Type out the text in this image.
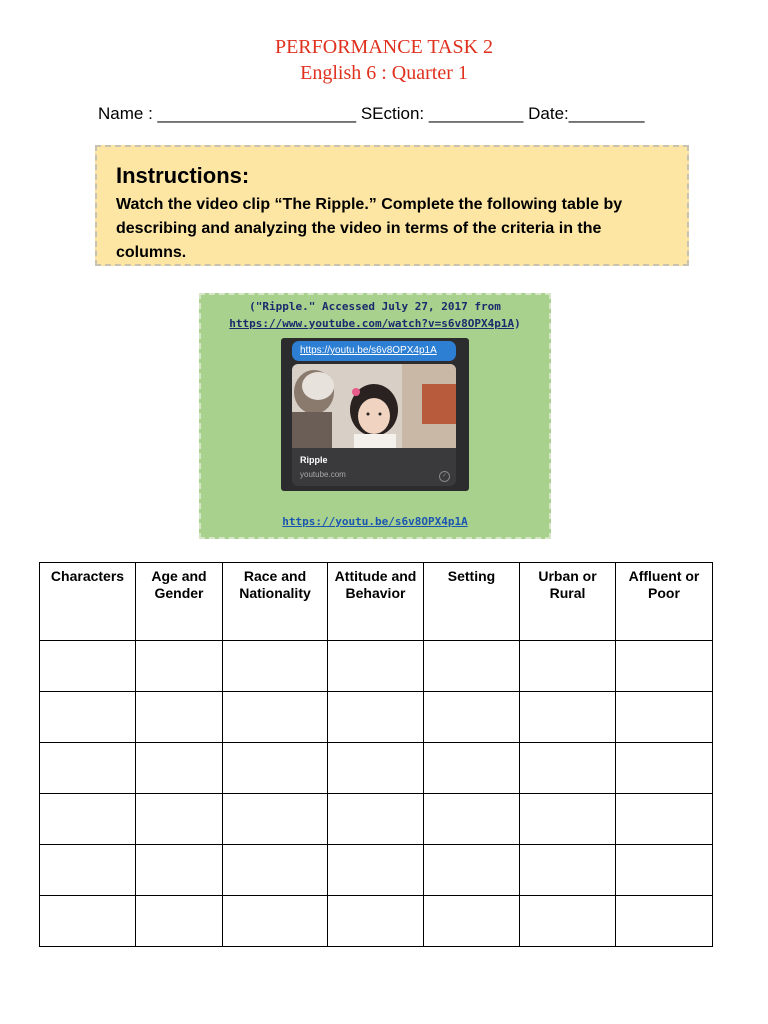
PERFORMANCE TASK 2
English 6 : Quarter 1
Name : _____________________ SEction: __________ Date:________
Instructions:
Watch the video clip “The Ripple.” Complete the following table by describing and analyzing the video in terms of the criteria in the columns.
("Ripple." Accessed July 27, 2017 from
https://www.youtube.com/watch?v=s6v8OPX4p1A)
https://youtu.be/s6v8OPX4p1A
Ripple
youtube.com	✓
https://youtu.be/s6v8OPX4p1A
Characters	Age and Gender	Race and Nationality	Attitude and Behavior	Setting	Urban or Rural	Affluent or Poor
